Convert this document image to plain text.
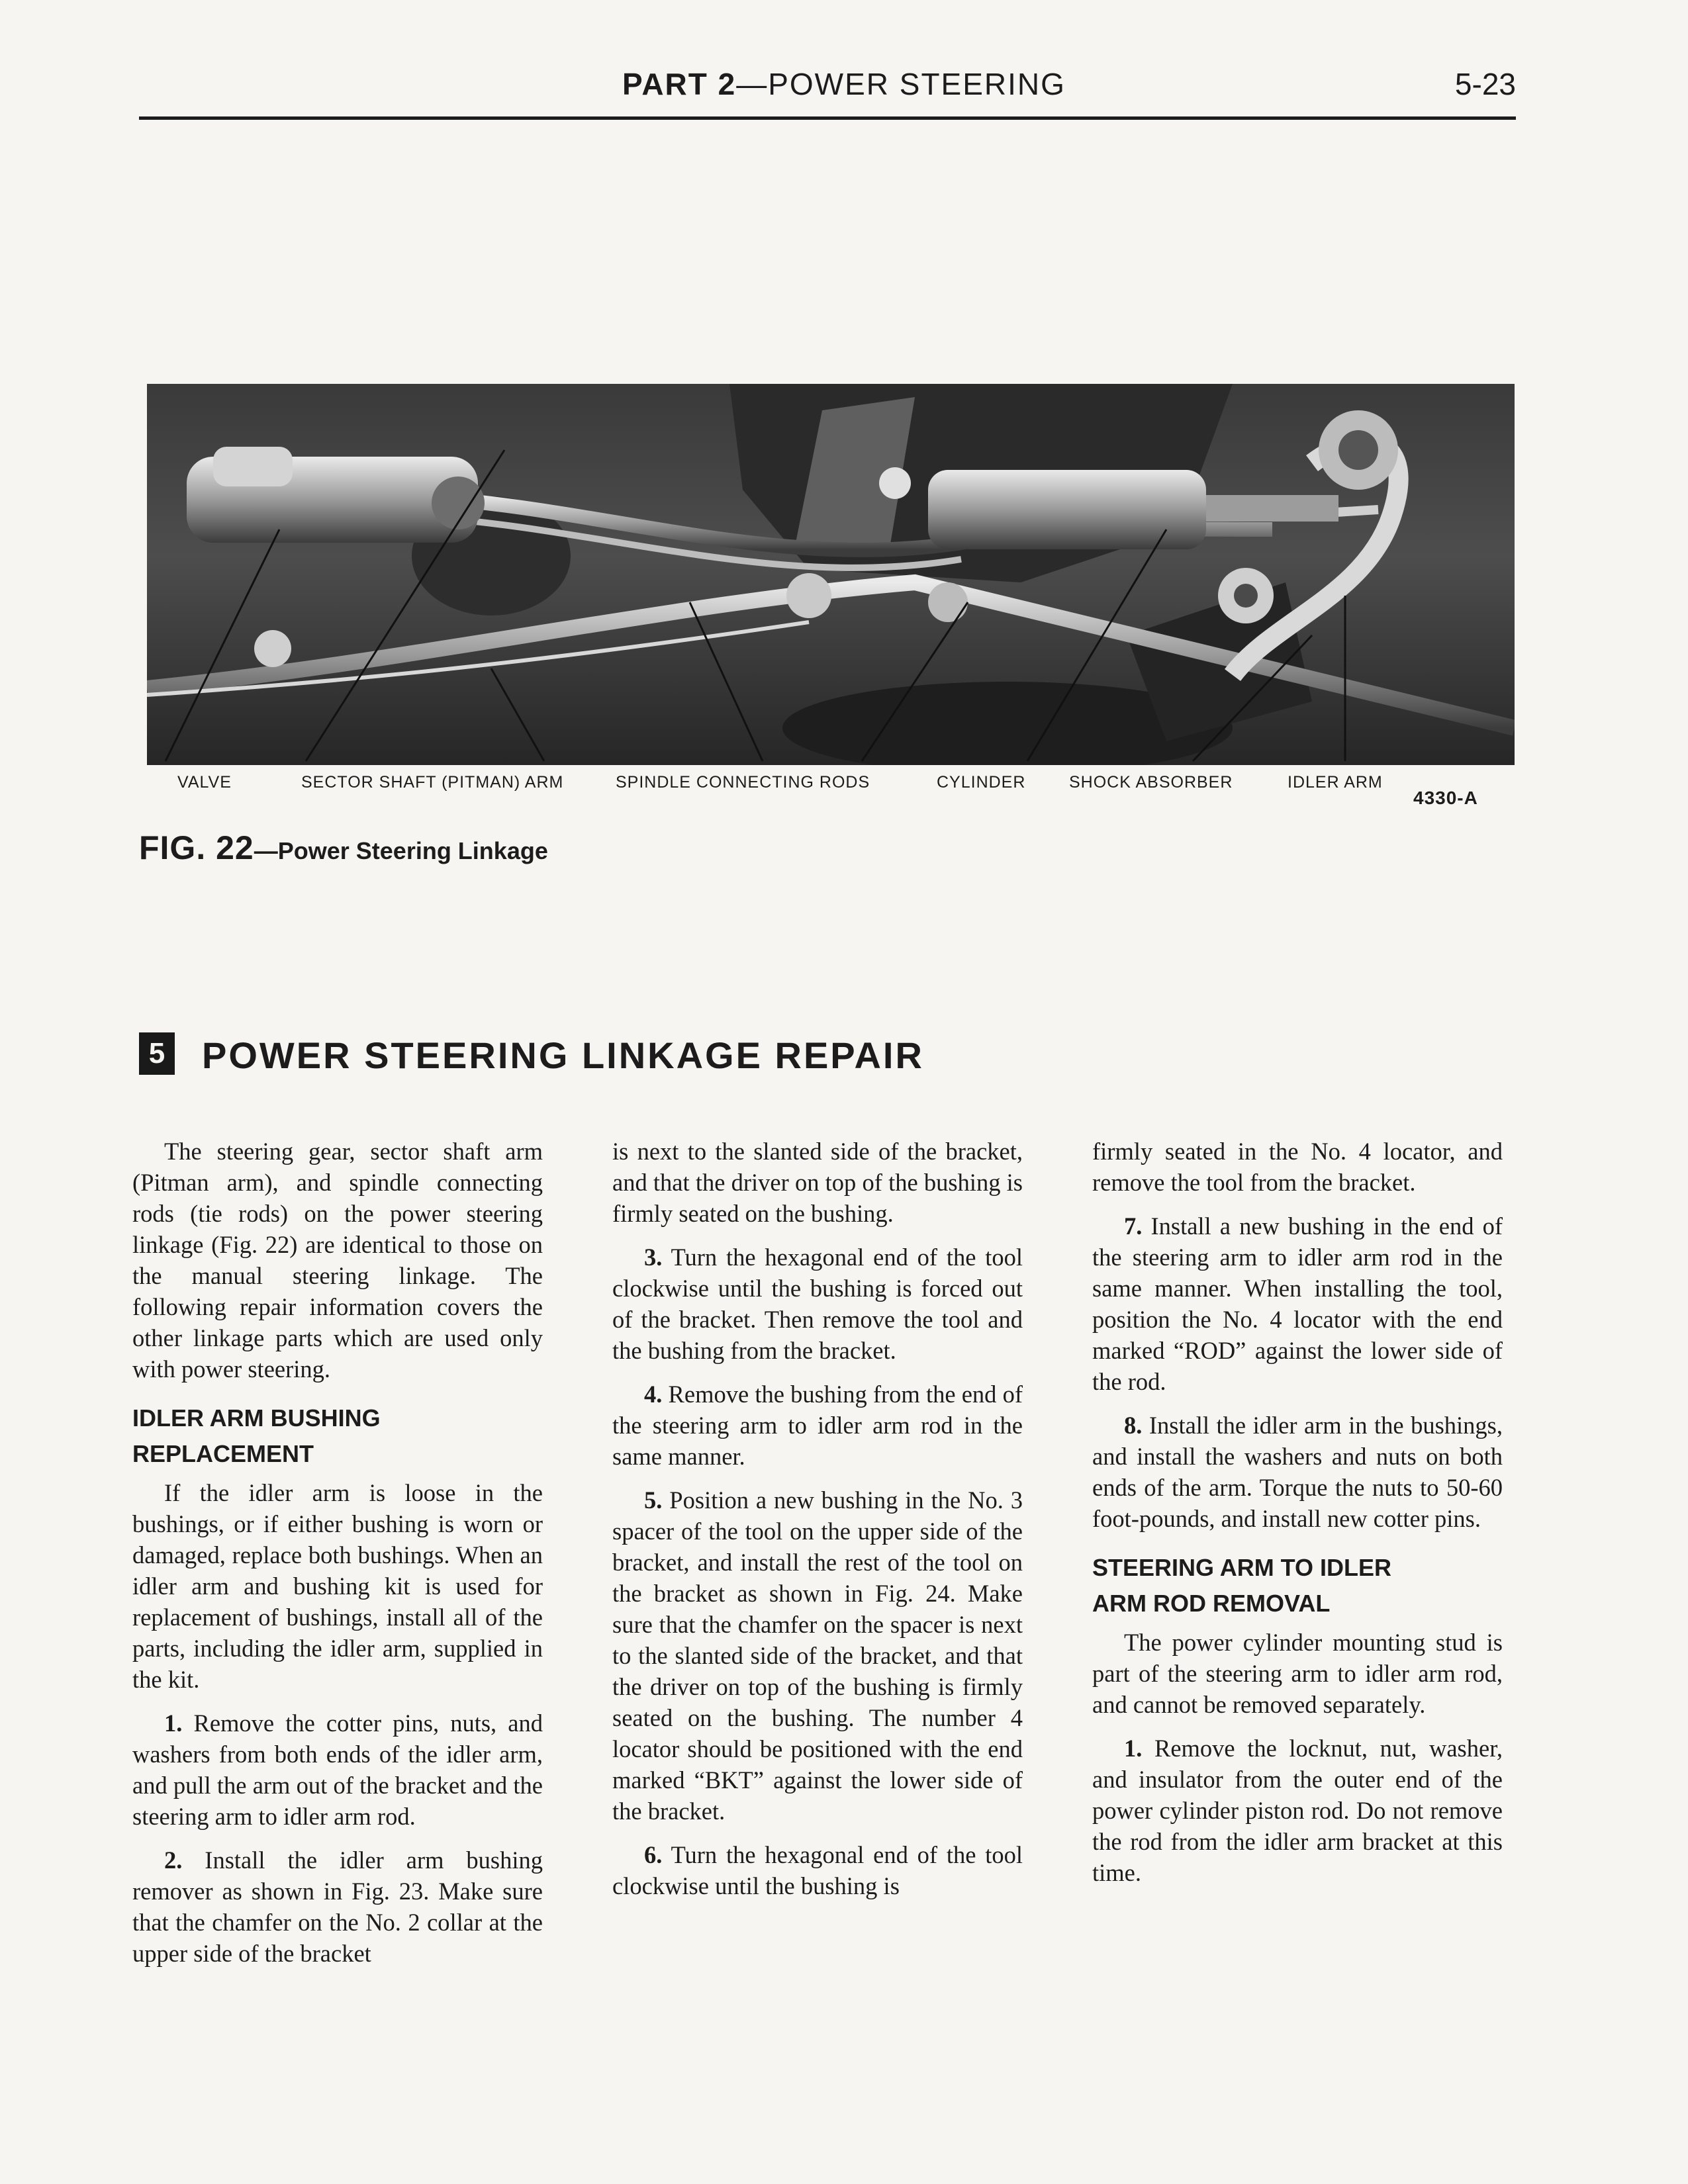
PART 2—POWER STEERING	5-23
VALVE	SECTOR SHAFT (PITMAN) ARM	SPINDLE CONNECTING RODS	CYLINDER	SHOCK ABSORBER	IDLER ARM
4330-A
FIG. 22—Power Steering Linkage
5 POWER STEERING LINKAGE REPAIR

The steering gear, sector shaft arm (Pitman arm), and spindle connecting rods (tie rods) on the power steering linkage (Fig. 22) are identical to those on the manual steering linkage. The following repair information covers the other linkage parts which are used only with power steering.

IDLER ARM BUSHING
REPLACEMENT

If the idler arm is loose in the bushings, or if either bushing is worn or damaged, replace both bushings. When an idler arm and bushing kit is used for replacement of bushings, install all of the parts, including the idler arm, supplied in the kit.

1. Remove the cotter pins, nuts, and washers from both ends of the idler arm, and pull the arm out of the bracket and the steering arm to idler arm rod.

2. Install the idler arm bushing remover as shown in Fig. 23. Make sure that the chamfer on the No. 2 collar at the upper side of the bracket

is next to the slanted side of the bracket, and that the driver on top of the bushing is firmly seated on the bushing.

3. Turn the hexagonal end of the tool clockwise until the bushing is forced out of the bracket. Then remove the tool and the bushing from the bracket.

4. Remove the bushing from the end of the steering arm to idler arm rod in the same manner.

5. Position a new bushing in the No. 3 spacer of the tool on the upper side of the bracket, and install the rest of the tool on the bracket as shown in Fig. 24. Make sure that the chamfer on the spacer is next to the slanted side of the bracket, and that the driver on top of the bushing is firmly seated on the bushing. The number 4 locator should be positioned with the end marked “BKT” against the lower side of the bracket.

6. Turn the hexagonal end of the tool clockwise until the bushing is

firmly seated in the No. 4 locator, and remove the tool from the bracket.

7. Install a new bushing in the end of the steering arm to idler arm rod in the same manner. When installing the tool, position the No. 4 locator with the end marked “ROD” against the lower side of the rod.

8. Install the idler arm in the bushings, and install the washers and nuts on both ends of the arm. Torque the nuts to 50-60 foot-pounds, and install new cotter pins.

STEERING ARM TO IDLER
ARM ROD REMOVAL

The power cylinder mounting stud is part of the steering arm to idler arm rod, and cannot be removed separately.

1. Remove the locknut, nut, washer, and insulator from the outer end of the power cylinder piston rod. Do not remove the rod from the idler arm bracket at this time.
